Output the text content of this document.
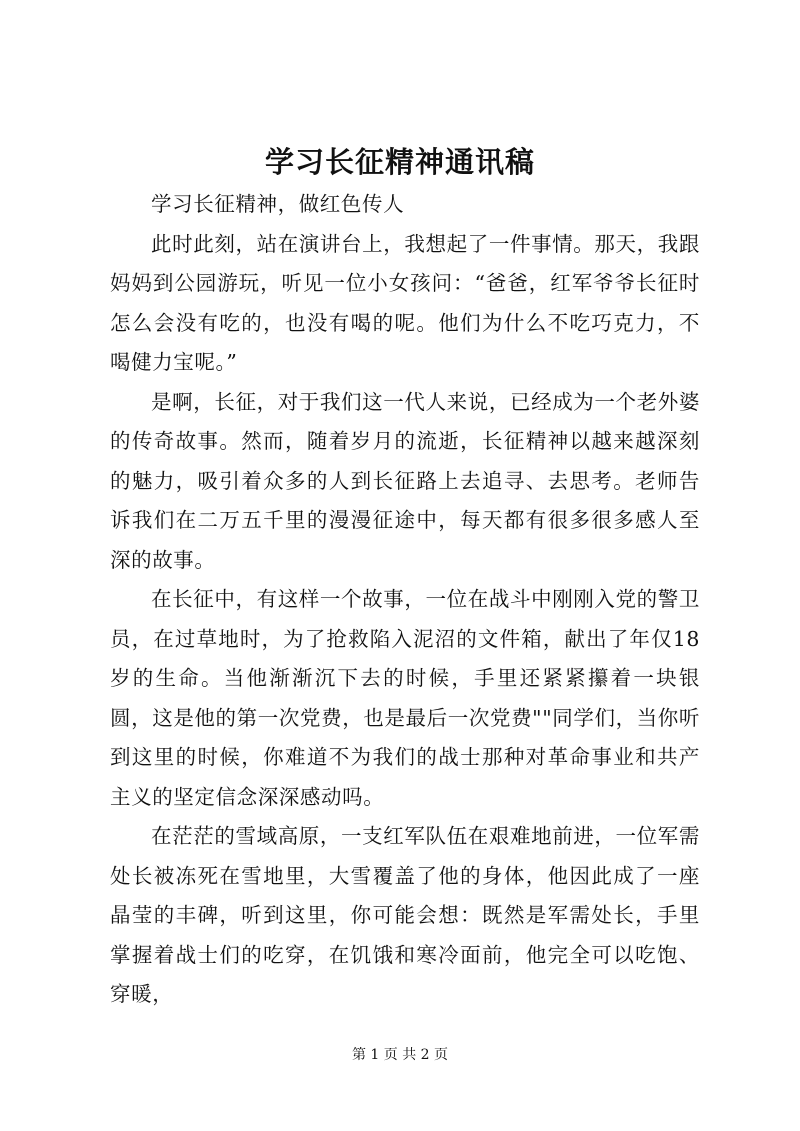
学习长征精神通讯稿

学习长征精神，做红色传人

此时此刻，站在演讲台上，我想起了一件事情。那天，我跟妈妈到公园游玩，听见一位小女孩问：“爸爸，红军爷爷长征时怎么会没有吃的，也没有喝的呢。他们为什么不吃巧克力，不喝健力宝呢。”

是啊，长征，对于我们这一代人来说，已经成为一个老外婆的传奇故事。然而，随着岁月的流逝，长征精神以越来越深刻的魅力，吸引着众多的人到长征路上去追寻、去思考。老师告诉我们在二万五千里的漫漫征途中，每天都有很多很多感人至深的故事。

在长征中，有这样一个故事，一位在战斗中刚刚入党的警卫员，在过草地时，为了抢救陷入泥沼的文件箱，献出了年仅18岁的生命。当他渐渐沉下去的时候，手里还紧紧攥着一块银圆，这是他的第一次党费，也是最后一次党费""同学们，当你听到这里的时候，你难道不为我们的战士那种对革命事业和共产主义的坚定信念深深感动吗。

在茫茫的雪域高原，一支红军队伍在艰难地前进，一位军需处长被冻死在雪地里，大雪覆盖了他的身体，他因此成了一座晶莹的丰碑，听到这里，你可能会想：既然是军需处长，手里掌握着战士们的吃穿，在饥饿和寒冷面前，他完全可以吃饱、穿暖，

第 1 页 共 2 页
